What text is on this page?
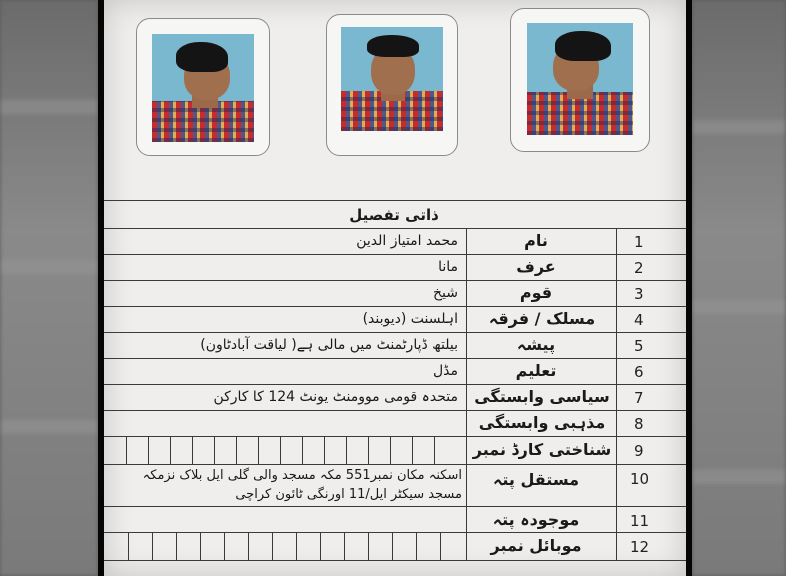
ذاتی تفصیل
1
نام
محمد امتیاز الدین
2
عرف
مانا
3
قوم
شیخ
4
مسلک / فرقہ
اہلسنت (دیوبند)
5
پیشہ
بیلتھ ڈپارٹمنٹ میں مالی ہے( لیاقت آبادٹاون)
6
تعلیم
مڈل
7
سیاسی وابستگی
متحدہ قومی موومنٹ یونٹ 124 کا کارکن
8
مذہبی وابستگی
9
شناختی کارڈ نمبر
10
مستقل پتہ
اسکنہ مکان نمبر551 مکہ مسجد والی گلی ایل بلاک نزمکہ
مسجد سیکٹر ایل/11 اورنگی ٹائون کراچی
11
موجودہ پتہ
12
موبائل نمبر
